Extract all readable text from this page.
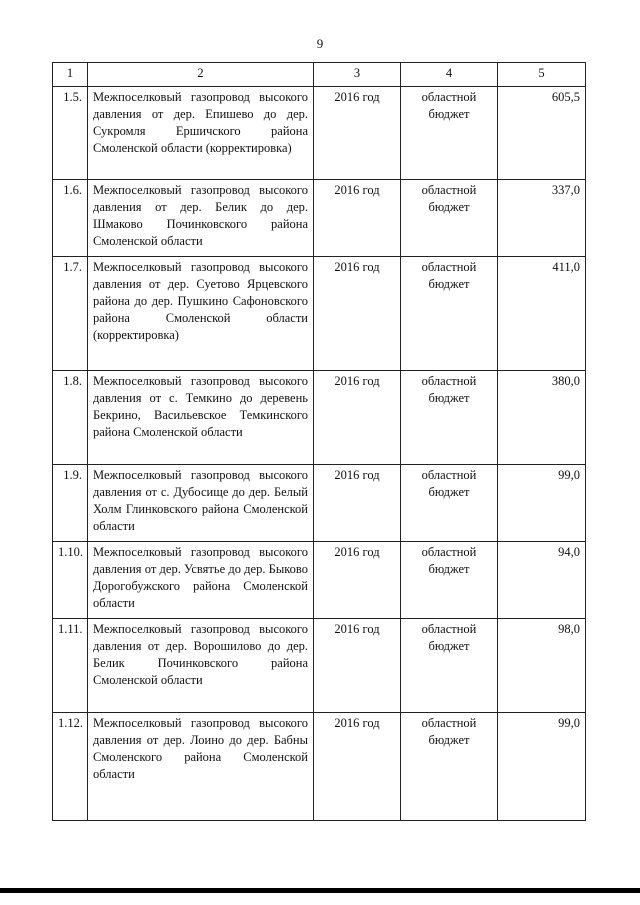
9
1	2	3	4	5
1.5.	Межпоселковый газопровод высокого давления от дер. Епишево до дер. Сукромля Ершичского района Смоленской области (корректировка)	2016 год	областной бюджет	605,5
1.6.	Межпоселковый газопровод высокого давления от дер. Белик до дер. Шмаково Починковского района Смоленской области	2016 год	областной бюджет	337,0
1.7.	Межпоселковый газопровод высокого давления от дер. Суетово Ярцевского района до дер. Пушкино Сафоновского района Смоленской области (корректировка)	2016 год	областной бюджет	411,0
1.8.	Межпоселковый газопровод высокого давления от с. Темкино до деревень Бекрино, Васильевское Темкинского района Смоленской области	2016 год	областной бюджет	380,0
1.9.	Межпоселковый газопровод высокого давления от с. Дубосище до дер. Белый Холм Глинковского района Смоленской области	2016 год	областной бюджет	99,0
1.10.	Межпоселковый газопровод высокого давления от дер. Усвятье до дер. Быково Дорогобужского района Смоленской области	2016 год	областной бюджет	94,0
1.11.	Межпоселковый газопровод высокого давления от дер. Ворошилово до дер. Белик Починковского района Смоленской области	2016 год	областной бюджет	98,0
1.12.	Межпоселковый газопровод высокого давления от дер. Лоино до дер. Бабны Смоленского района Смоленской области	2016 год	областной бюджет	99,0
